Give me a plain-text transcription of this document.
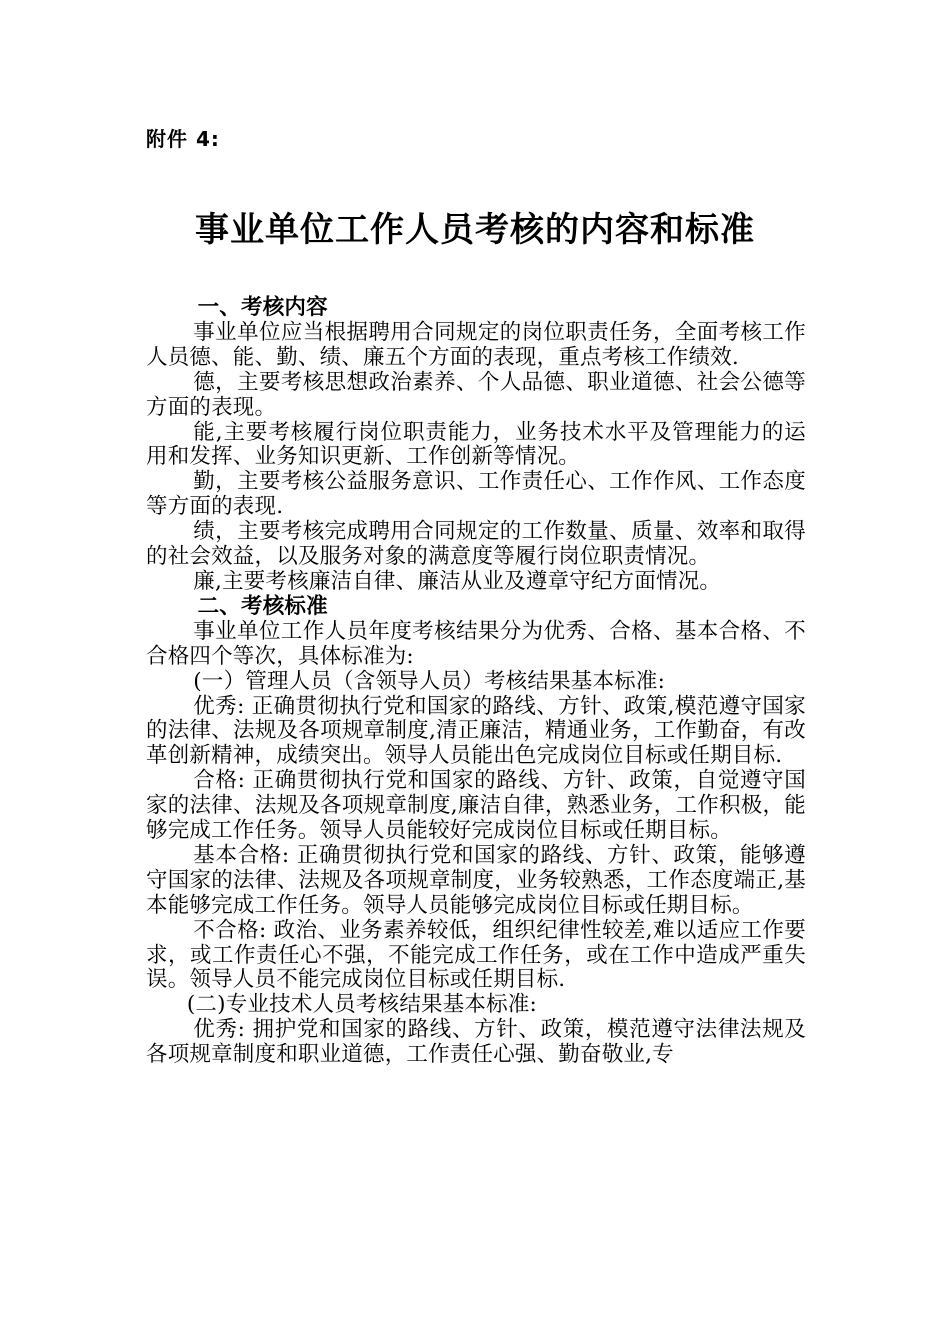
附件 4:
事业单位工作人员考核的内容和标准
一、考核内容

事业单位应当根据聘用合同规定的岗位职责任务，全面考核工作人员德、能、勤、绩、廉五个方面的表现，重点考核工作绩效.

德，主要考核思想政治素养、个人品德、职业道德、社会公德等方面的表现。

能,主要考核履行岗位职责能力，业务技术水平及管理能力的运用和发挥、业务知识更新、工作创新等情况。

勤，主要考核公益服务意识、工作责任心、工作作风、工作态度等方面的表现.

绩，主要考核完成聘用合同规定的工作数量、质量、效率和取得的社会效益，以及服务对象的满意度等履行岗位职责情况。

廉,主要考核廉洁自律、廉洁从业及遵章守纪方面情况。

二、考核标准

事业单位工作人员年度考核结果分为优秀、合格、基本合格、不合格四个等次，具体标准为:

(一）管理人员（含领导人员）考核结果基本标准:

优秀: 正确贯彻执行党和国家的路线、方针、政策,模范遵守国家的法律、法规及各项规章制度,清正廉洁，精通业务，工作勤奋，有改革创新精神，成绩突出。领导人员能出色完成岗位目标或任期目标.

合格: 正确贯彻执行党和国家的路线、方针、政策，自觉遵守国家的法律、法规及各项规章制度,廉洁自律，熟悉业务，工作积极，能够完成工作任务。领导人员能较好完成岗位目标或任期目标。

基本合格: 正确贯彻执行党和国家的路线、方针、政策，能够遵守国家的法律、法规及各项规章制度，业务较熟悉，工作态度端正,基本能够完成工作任务。领导人员能够完成岗位目标或任期目标。

不合格: 政治、业务素养较低，组织纪律性较差,难以适应工作要求，或工作责任心不强，不能完成工作任务，或在工作中造成严重失误。领导人员不能完成岗位目标或任期目标.

(二)专业技术人员考核结果基本标准:

优秀: 拥护党和国家的路线、方针、政策，模范遵守法律法规及各项规章制度和职业道德，工作责任心强、勤奋敬业,专
